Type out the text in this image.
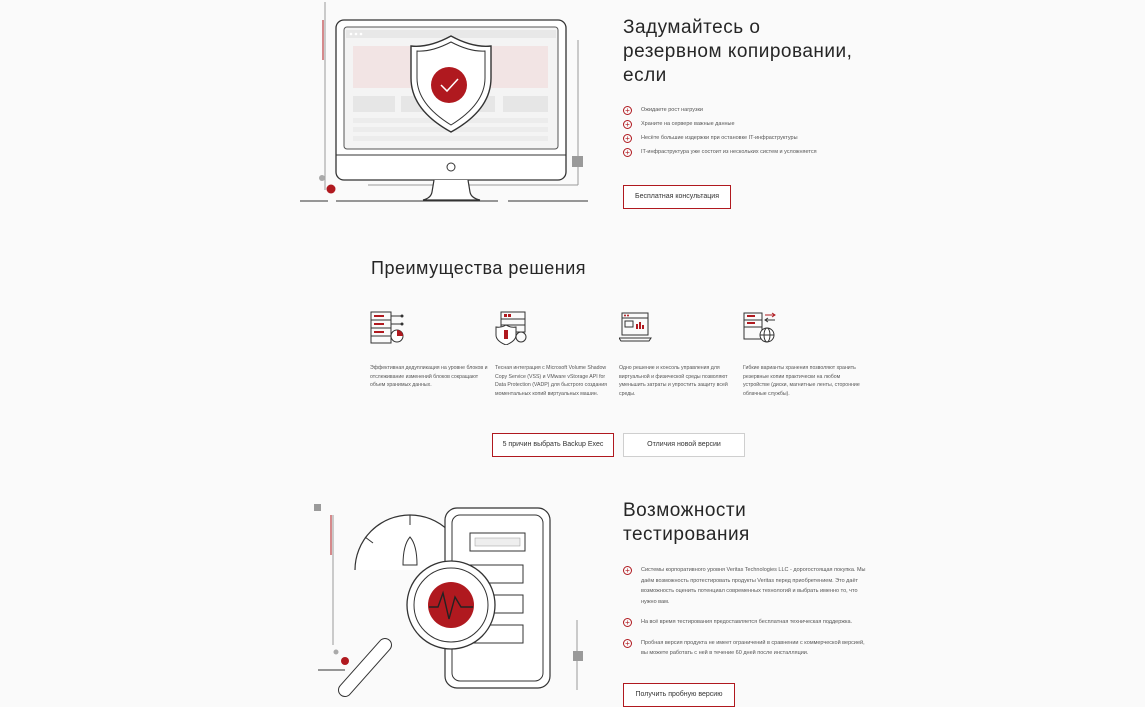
Задумайтесь о
резервном копировании,
если
+	Ожидаете рост нагрузки
+	Храните на сервере важные данные
+	Несёте большие издержки при остановке IT-инфраструктуры
+	IT-инфраструктура уже состоит из нескольких систем и усложняется
Бесплатная консультация
Преимущества решения
Эффективная дедупликация на уровне блоков и отслеживание изменений блоков сокращают объем хранимых данных.
Тесная интеграция с Microsoft Volume Shadow Copy Service (VSS) и VMware vStorage API for Data Protection (VADP) для быстрого создания моментальных копий виртуальных машин.
Одно решение и консоль управления для виртуальной и физической среды позволяют уменьшить затраты и упростить защиту всей среды.
Гибкие варианты хранения позволяют хранить резервные копии практически на любом устройстве (диски, магнитные ленты, сторонние облачные службы).
5 причин выбрать Backup Exec	Отличия новой версии
Возможности
тестирования
+	Системы корпоративного уровня Veritas Technologies LLC - дорогостоящая покупка. Мы даём возможность протестировать продукты Veritas перед приобретением. Это даёт возможность оценить потенциал современных технологий и выбрать именно то, что нужно вам.
+	На всё время тестирования предоставляется бесплатная техническая поддержка.
+	Пробная версия продукта не имеет ограничений в сравнении с коммерческой версией, вы можете работать с ней в течение 60 дней после инсталляции.
Получить пробную версию
